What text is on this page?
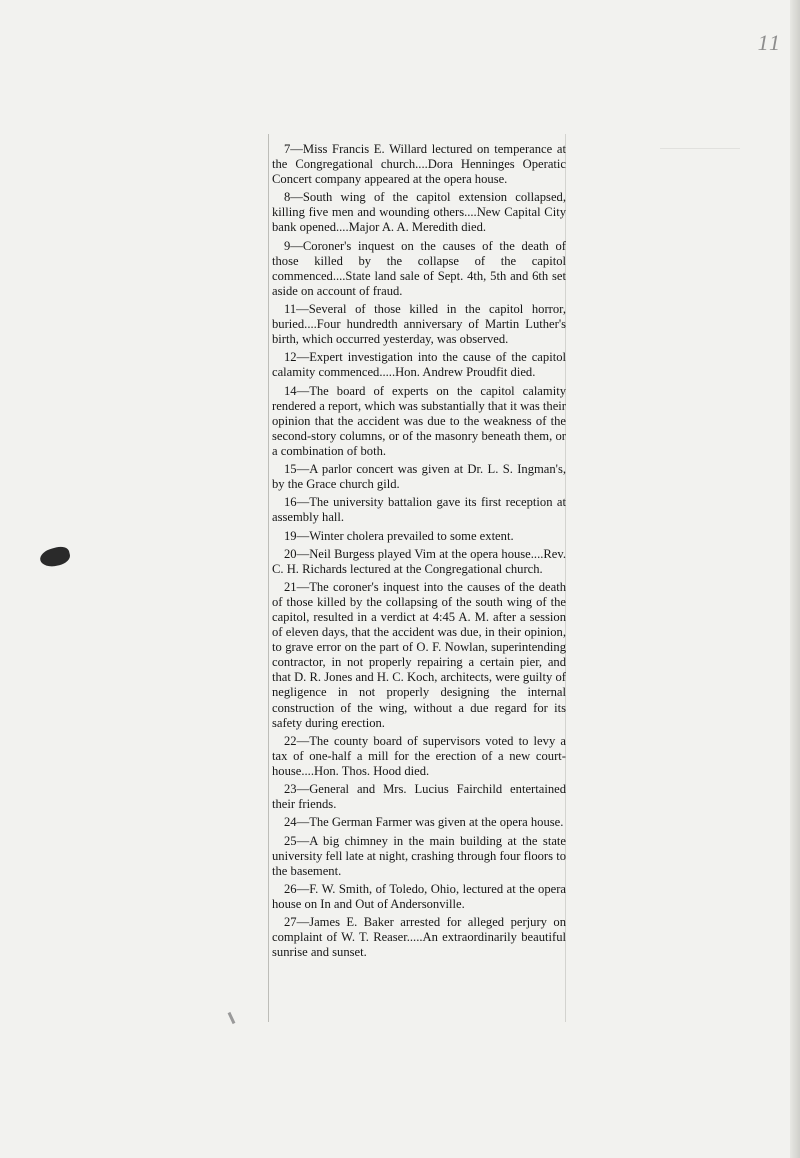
11

7—Miss Francis E. Willard lectured on temperance at the Congregational church....Dora Henninges Operatic Concert company appeared at the opera house.

8—South wing of the capitol extension collapsed, killing five men and wounding others....New Capital City bank opened....Major A. A. Meredith died.

9—Coroner's inquest on the causes of the death of those killed by the collapse of the capitol commenced....State land sale of Sept. 4th, 5th and 6th set aside on account of fraud.

11—Several of those killed in the capitol horror, buried....Four hundredth anniversary of Martin Luther's birth, which occurred yesterday, was observed.

12—Expert investigation into the cause of the capitol calamity commenced.....Hon. Andrew Proudfit died.

14—The board of experts on the capitol calamity rendered a report, which was substantially that it was their opinion that the accident was due to the weakness of the second-story columns, or of the masonry beneath them, or a combination of both.

15—A parlor concert was given at Dr. L. S. Ingman's, by the Grace church gild.

16—The university battalion gave its first reception at assembly hall.

19—Winter cholera prevailed to some extent.

20—Neil Burgess played Vim at the opera house....Rev. C. H. Richards lectured at the Congregational church.

21—The coroner's inquest into the causes of the death of those killed by the collapsing of the south wing of the capitol, resulted in a verdict at 4:45 A. M. after a session of eleven days, that the accident was due, in their opinion, to grave error on the part of O. F. Nowlan, superintending contractor, in not properly repairing a certain pier, and that D. R. Jones and H. C. Koch, architects, were guilty of negligence in not properly designing the internal construction of the wing, without a due regard for its safety during erection.

22—The county board of supervisors voted to levy a tax of one-half a mill for the erection of a new court-house....Hon. Thos. Hood died.

23—General and Mrs. Lucius Fairchild entertained their friends.

24—The German Farmer was given at the opera house.

25—A big chimney in the main building at the state university fell late at night, crashing through four floors to the basement.

26—F. W. Smith, of Toledo, Ohio, lectured at the opera house on In and Out of Andersonville.

27—James E. Baker arrested for alleged perjury on complaint of W. T. Reaser.....An extraordinarily beautiful sunrise and sunset.
